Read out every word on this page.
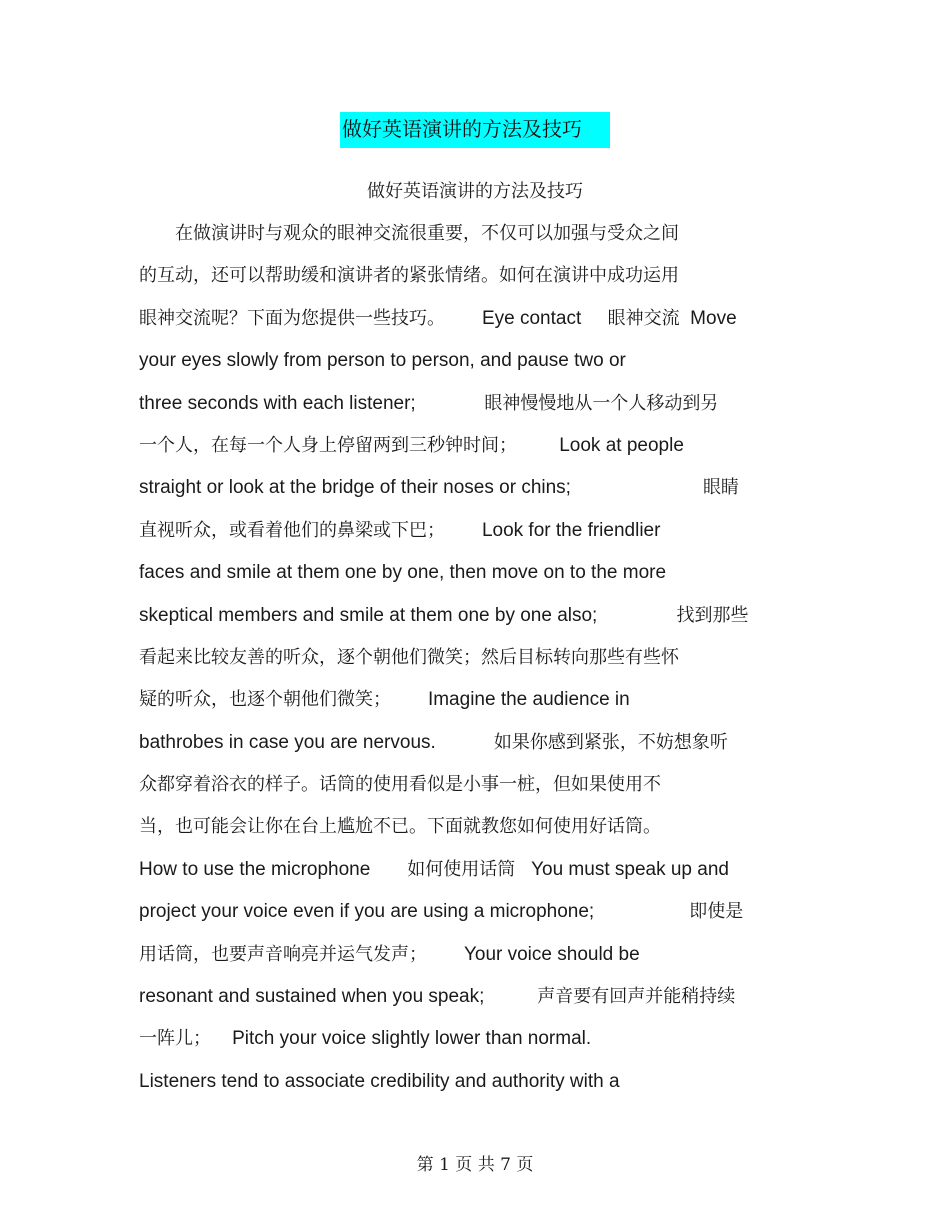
做好英语演讲的方法及技巧
做好英语演讲的方法及技巧
　　在做演讲时与观众的眼神交流很重要，不仅可以加强与受众之间
的互动，还可以帮助缓和演讲者的紧张情绪。如何在演讲中成功运用
眼神交流呢？下面为您提供一些技巧。       Eye contact     眼神交流  Move
your eyes slowly from person to person, and pause two or
three seconds with each listener;             眼神慢慢地从一个人移动到另
一个人，在每一个人身上停留两到三秒钟时间；        Look at people
straight or look at the bridge of their noses or chins;                         眼睛
直视听众，或看着他们的鼻梁或下巴；       Look for the friendlier
faces and smile at them one by one, then move on to the more
skeptical members and smile at them one by one also;               找到那些
看起来比较友善的听众，逐个朝他们微笑；然后目标转向那些有些怀
疑的听众，也逐个朝他们微笑；       Imagine the audience in
bathrobes in case you are nervous.           如果你感到紧张，不妨想象听
众都穿着浴衣的样子。话筒的使用看似是小事一桩，但如果使用不
当，也可能会让你在台上尴尬不已。下面就教您如何使用好话筒。
How to use the microphone       如何使用话筒   You must speak up and
project your voice even if you are using a microphone;                  即使是
用话筒，也要声音响亮并运气发声；       Your voice should be
resonant and sustained when you speak;          声音要有回声并能稍持续
一阵儿；    Pitch your voice slightly lower than normal.
Listeners tend to associate credibility and authority with a
第 1 页 共 7 页
